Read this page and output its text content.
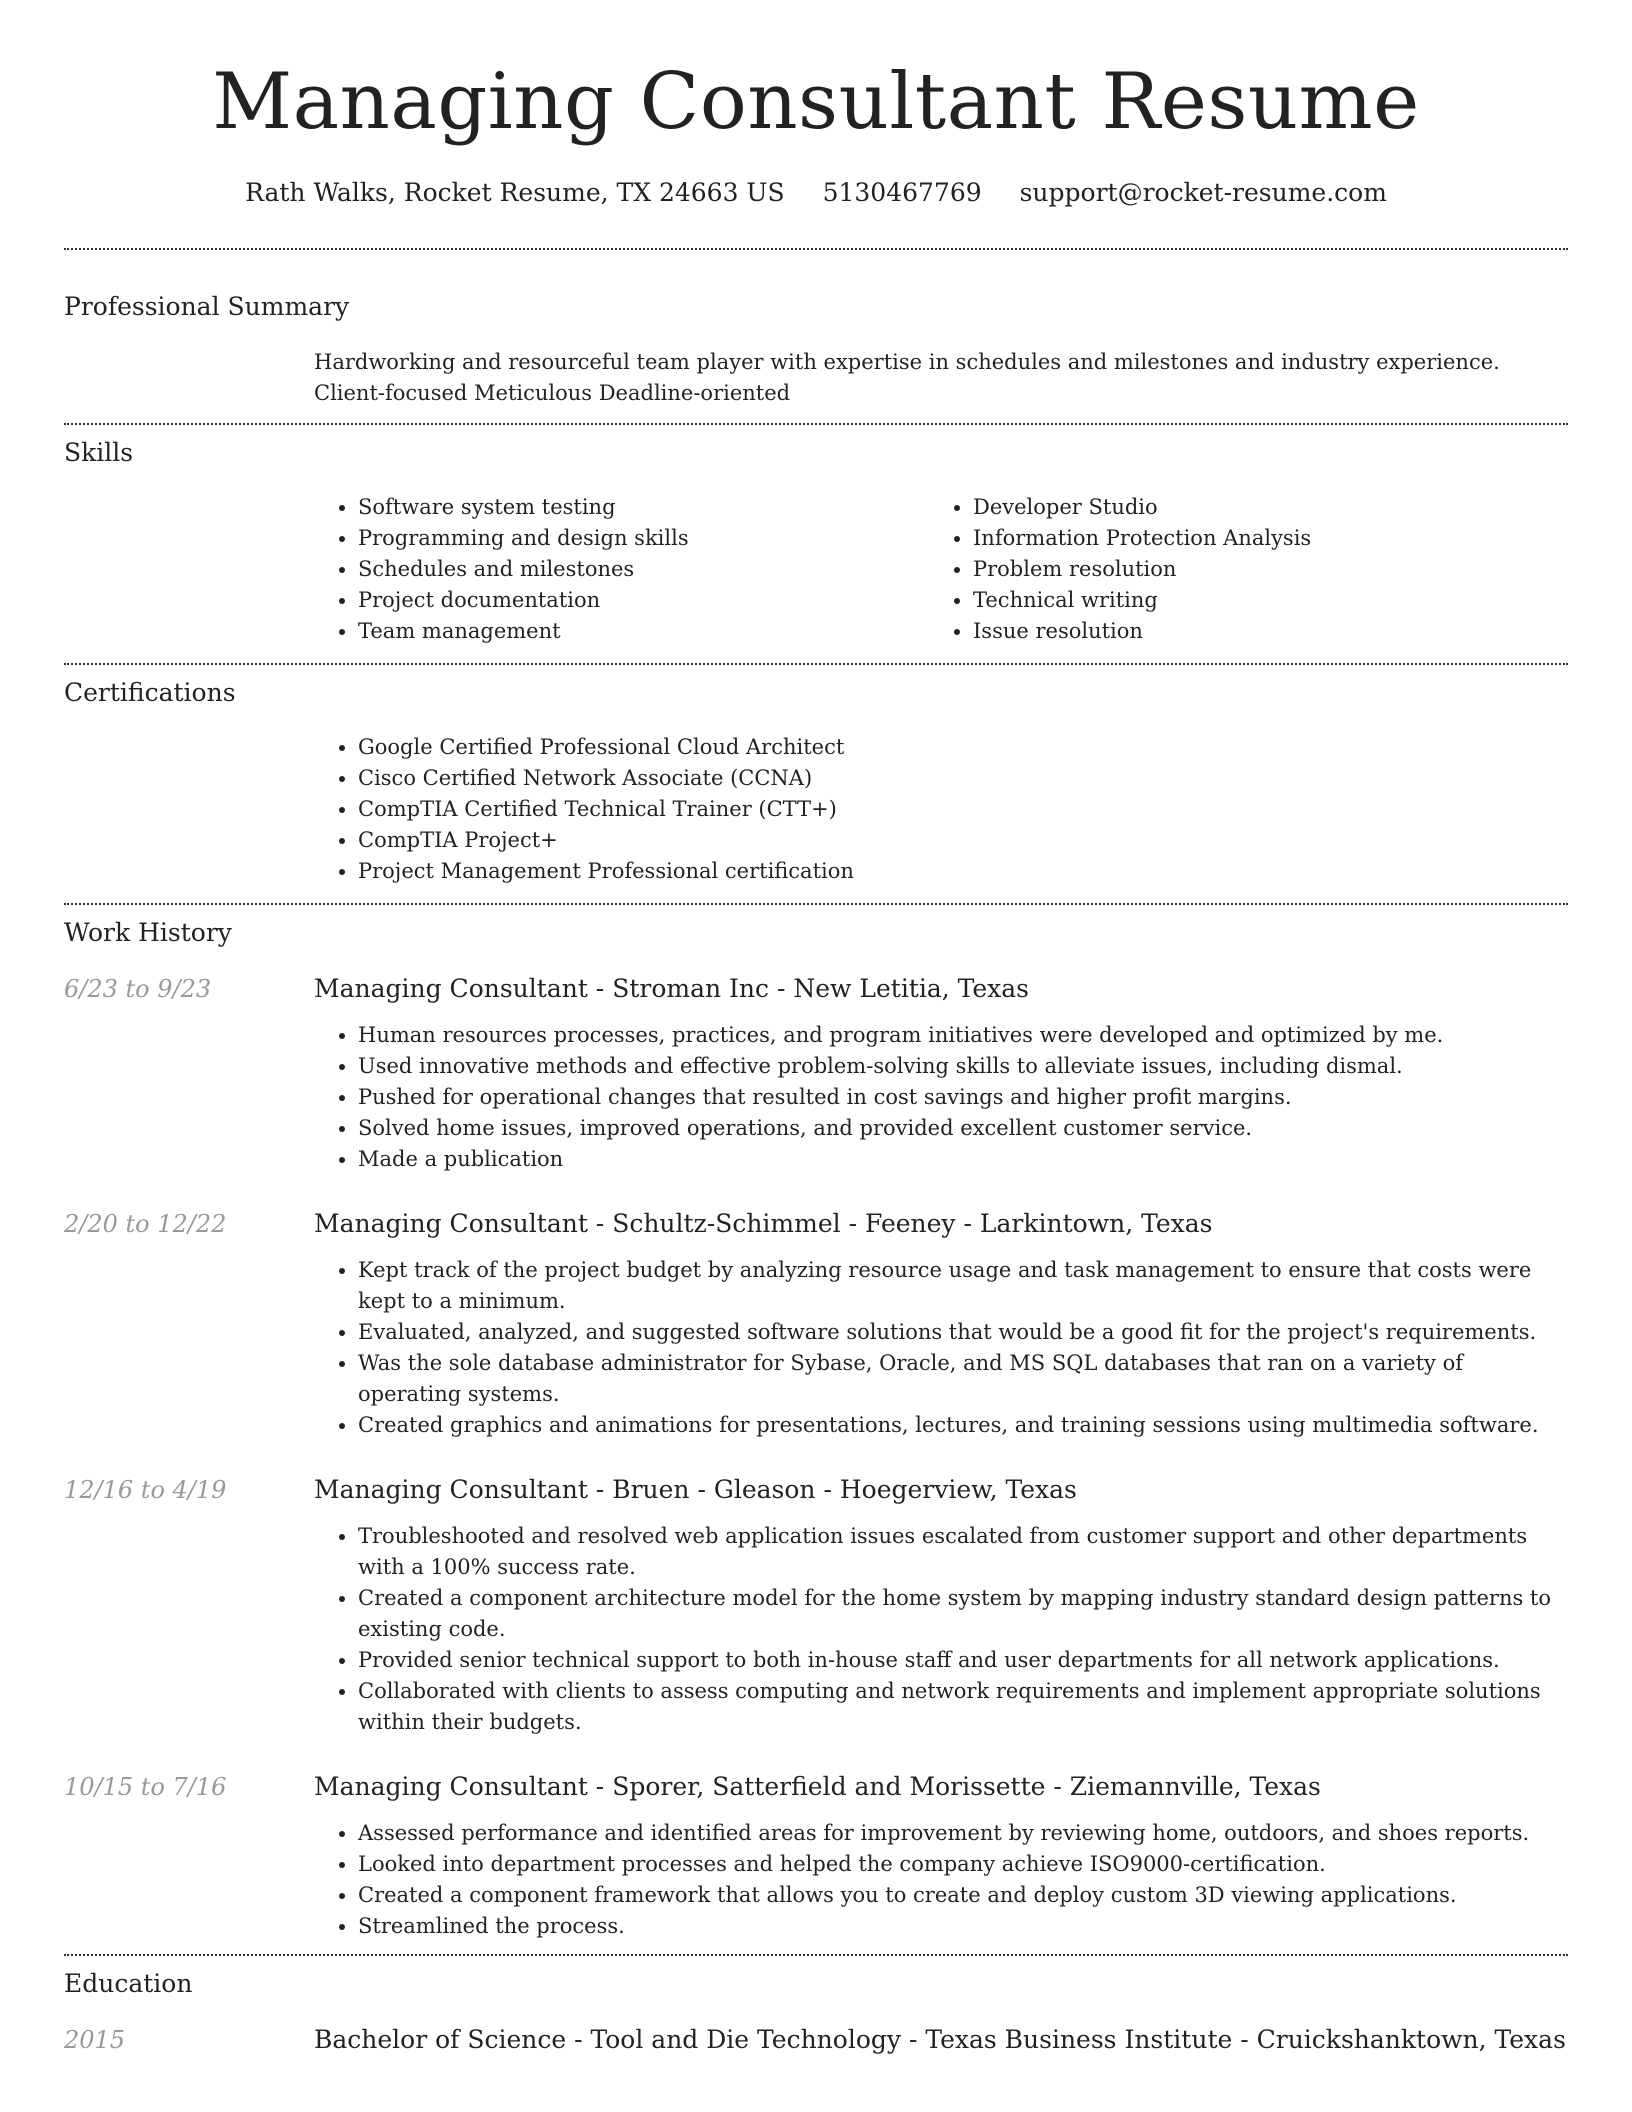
Managing Consultant Resume
Rath Walks, Rocket Resume, TX 24663 US 5130467769 support@rocket-resume.com
Professional Summary
Hardworking and resourceful team player with expertise in schedules and milestones and industry experience. Client-focused Meticulous Deadline-oriented
Skills
• Software system testing
• Programming and design skills
• Schedules and milestones
• Project documentation
• Team management
• Developer Studio
• Information Protection Analysis
• Problem resolution
• Technical writing
• Issue resolution
Certifications
• Google Certified Professional Cloud Architect
• Cisco Certified Network Associate (CCNA)
• CompTIA Certified Technical Trainer (CTT+)
• CompTIA Project+
• Project Management Professional certification
Work History
6/23 to 9/23	Managing Consultant - Stroman Inc - New Letitia, Texas
• Human resources processes, practices, and program initiatives were developed and optimized by me.
• Used innovative methods and effective problem-solving skills to alleviate issues, including dismal.
• Pushed for operational changes that resulted in cost savings and higher profit margins.
• Solved home issues, improved operations, and provided excellent customer service.
• Made a publication
2/20 to 12/22	Managing Consultant - Schultz-Schimmel - Feeney - Larkintown, Texas
• Kept track of the project budget by analyzing resource usage and task management to ensure that costs were kept to a minimum.
• Evaluated, analyzed, and suggested software solutions that would be a good fit for the project's requirements.
• Was the sole database administrator for Sybase, Oracle, and MS SQL databases that ran on a variety of operating systems.
• Created graphics and animations for presentations, lectures, and training sessions using multimedia software.
12/16 to 4/19	Managing Consultant - Bruen - Gleason - Hoegerview, Texas
• Troubleshooted and resolved web application issues escalated from customer support and other departments with a 100% success rate.
• Created a component architecture model for the home system by mapping industry standard design patterns to existing code.
• Provided senior technical support to both in-house staff and user departments for all network applications.
• Collaborated with clients to assess computing and network requirements and implement appropriate solutions within their budgets.
10/15 to 7/16	Managing Consultant - Sporer, Satterfield and Morissette - Ziemannville, Texas
• Assessed performance and identified areas for improvement by reviewing home, outdoors, and shoes reports.
• Looked into department processes and helped the company achieve ISO9000-certification.
• Created a component framework that allows you to create and deploy custom 3D viewing applications.
• Streamlined the process.
Education
2015	Bachelor of Science - Tool and Die Technology - Texas Business Institute - Cruickshanktown, Texas
